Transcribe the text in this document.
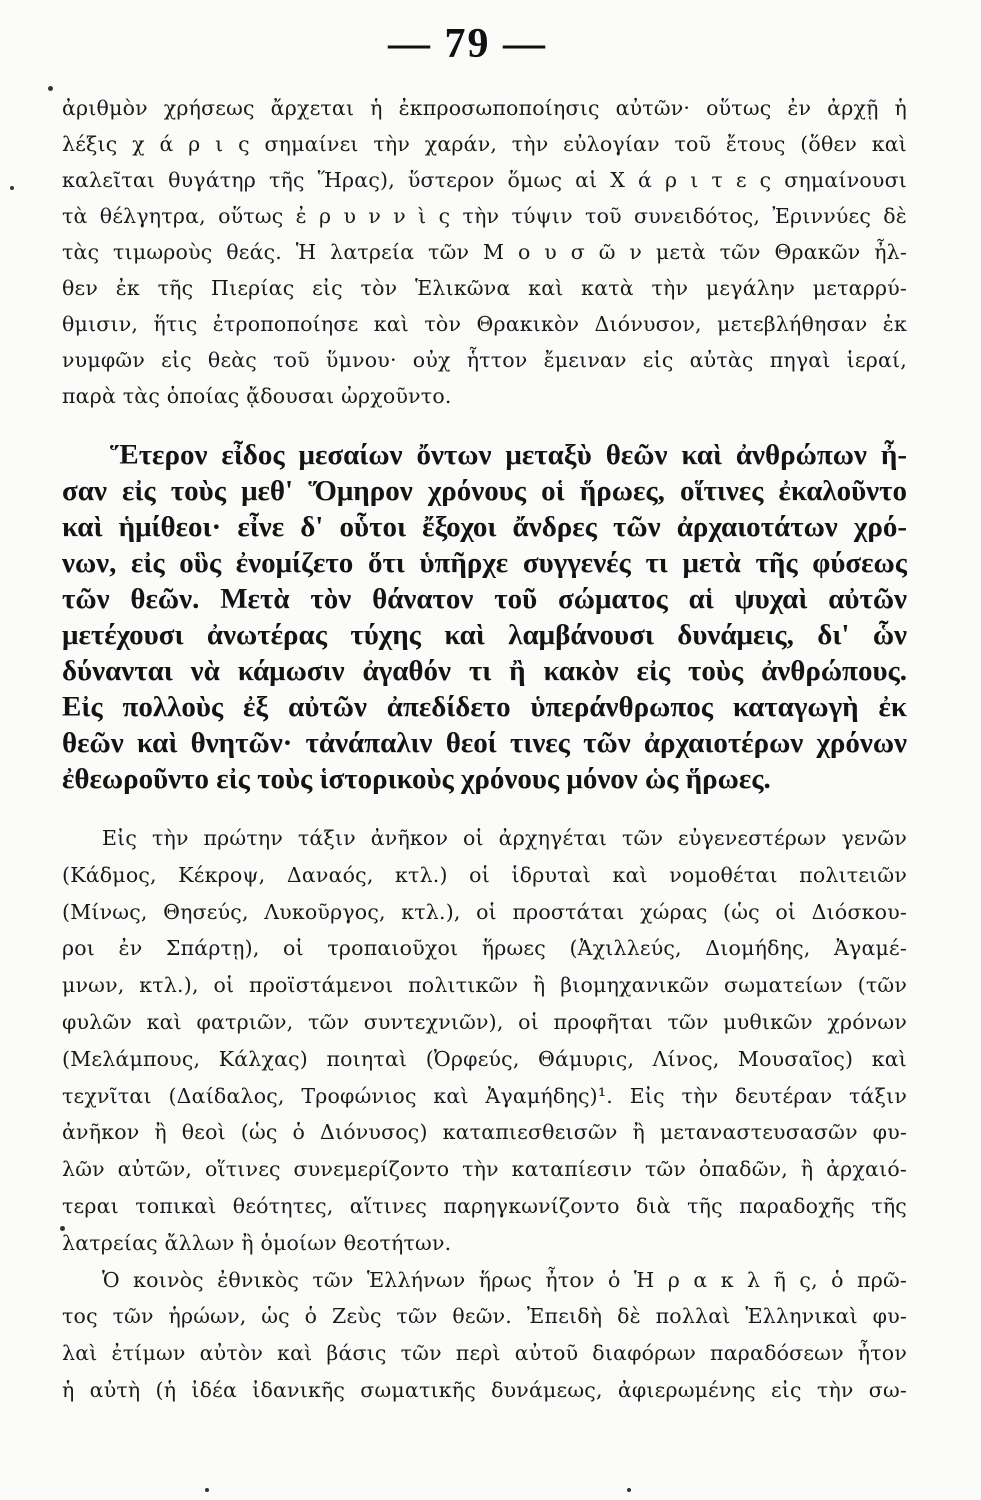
— 79 —
ἀριθμὸν χρήσεως ἄρχεται ἡ ἐκπροσωποποίησις αὐτῶν· οὕτως ἐν ἀρχῇ ἡ
λέξις χ ά ρ ι ς σημαίνει τὴν χαράν, τὴν εὐλογίαν τοῦ ἔτους (ὅθεν καὶ
καλεῖται θυγάτηρ τῆς Ἥρας), ὕστερον ὅμως αἱ Χ ά ρ ι τ ε ς σημαίνουσι
τὰ θέλγητρα, οὕτως ἐ ρ υ ν ν ὶ ς τὴν τύψιν τοῦ συνειδότος, Ἐριννύες δὲ
τὰς τιμωροὺς θεάς. Ἡ λατρεία τῶν Μ ο υ σ ῶ ν μετὰ τῶν Θρακῶν ἦλ-
θεν ἐκ τῆς Πιερίας εἰς τὸν Ἑλικῶνα καὶ κατὰ τὴν μεγάλην μεταρρύ-
θμισιν, ἥτις ἐτροποποίησε καὶ τὸν Θρακικὸν Διόνυσον, μετεβλήθησαν ἐκ
νυμφῶν εἰς θεὰς τοῦ ὕμνου· οὐχ ἧττον ἔμειναν εἰς αὐτὰς πηγαὶ ἱεραί,
παρὰ τὰς ὁποίας ᾄδουσαι ὠρχοῦντο.
Ἕτερον εἶδος μεσαίων ὄντων μεταξὺ θεῶν καὶ ἀνθρώπων ἦ-
σαν εἰς τοὺς μεθ' Ὅμηρον χρόνους οἱ ἥρωες, οἵτινες ἐκαλοῦντο
καὶ ἡμίθεοι· εἶνε δ' οὗτοι ἔξοχοι ἄνδρες τῶν ἀρχαιοτάτων χρό-
νων, εἰς οὓς ἐνομίζετο ὅτι ὑπῆρχε συγγενές τι μετὰ τῆς φύσεως
τῶν θεῶν. Μετὰ τὸν θάνατον τοῦ σώματος αἱ ψυχαὶ αὐτῶν
μετέχουσι ἀνωτέρας τύχης καὶ λαμβάνουσι δυνάμεις, δι' ὧν
δύνανται νὰ κάμωσιν ἀγαθόν τι ἢ κακὸν εἰς τοὺς ἀνθρώπους.
Εἰς πολλοὺς ἐξ αὐτῶν ἀπεδίδετο ὑπεράνθρωπος καταγωγὴ ἐκ
θεῶν καὶ θνητῶν· τἀνάπαλιν θεοί τινες τῶν ἀρχαιοτέρων χρόνων
ἐθεωροῦντο εἰς τοὺς ἱστορικοὺς χρόνους μόνον ὡς ἥρωες.
Εἰς τὴν πρώτην τάξιν ἀνῆκον οἱ ἀρχηγέται τῶν εὐγενεστέρων γενῶν
(Κάδμος, Κέκροψ, Δαναός, κτλ.) οἱ ἱδρυταὶ καὶ νομοθέται πολιτειῶν
(Μίνως, Θησεύς, Λυκοῦργος, κτλ.), οἱ προστάται χώρας (ὡς οἱ Διόσκου-
ροι ἐν Σπάρτῃ), οἱ τροπαιοῦχοι ἥρωες (Ἀχιλλεύς, Διομήδης, Ἀγαμέ-
μνων, κτλ.), οἱ προϊστάμενοι πολιτικῶν ἢ βιομηχανικῶν σωματείων (τῶν
φυλῶν καὶ φατριῶν, τῶν συντεχνιῶν), οἱ προφῆται τῶν μυθικῶν χρόνων
(Μελάμπους, Κάλχας) ποιηταὶ (Ὀρφεύς, Θάμυρις, Λίνος, Μουσαῖος) καὶ
τεχνῖται (Δαίδαλος, Τροφώνιος καὶ Ἀγαμήδης)¹. Εἰς τὴν δευτέραν τάξιν
ἀνῆκον ἢ θεοὶ (ὡς ὁ Διόνυσος) καταπιεσθεισῶν ἢ μεταναστευσασῶν φυ-
λῶν αὐτῶν, οἵτινες συνεμερίζοντο τὴν καταπίεσιν τῶν ὀπαδῶν, ἢ ἀρχαιό-
τεραι τοπικαὶ θεότητες, αἵτινες παρηγκωνίζοντο διὰ τῆς παραδοχῆς τῆς
λατρείας ἄλλων ἢ ὁμοίων θεοτήτων.
Ὁ κοινὸς ἐθνικὸς τῶν Ἑλλήνων ἥρως ἦτον ὁ Ἡ ρ α κ λ ῆ ς, ὁ πρῶ-
τος τῶν ἡρώων, ὡς ὁ Ζεὺς τῶν θεῶν. Ἐπειδὴ δὲ πολλαὶ Ἑλληνικαὶ φυ-
λαὶ ἐτίμων αὐτὸν καὶ βάσις τῶν περὶ αὐτοῦ διαφόρων παραδόσεων ἦτον
ἡ αὐτὴ (ἡ ἰδέα ἰδανικῆς σωματικῆς δυνάμεως, ἀφιερωμένης εἰς τὴν σω-
